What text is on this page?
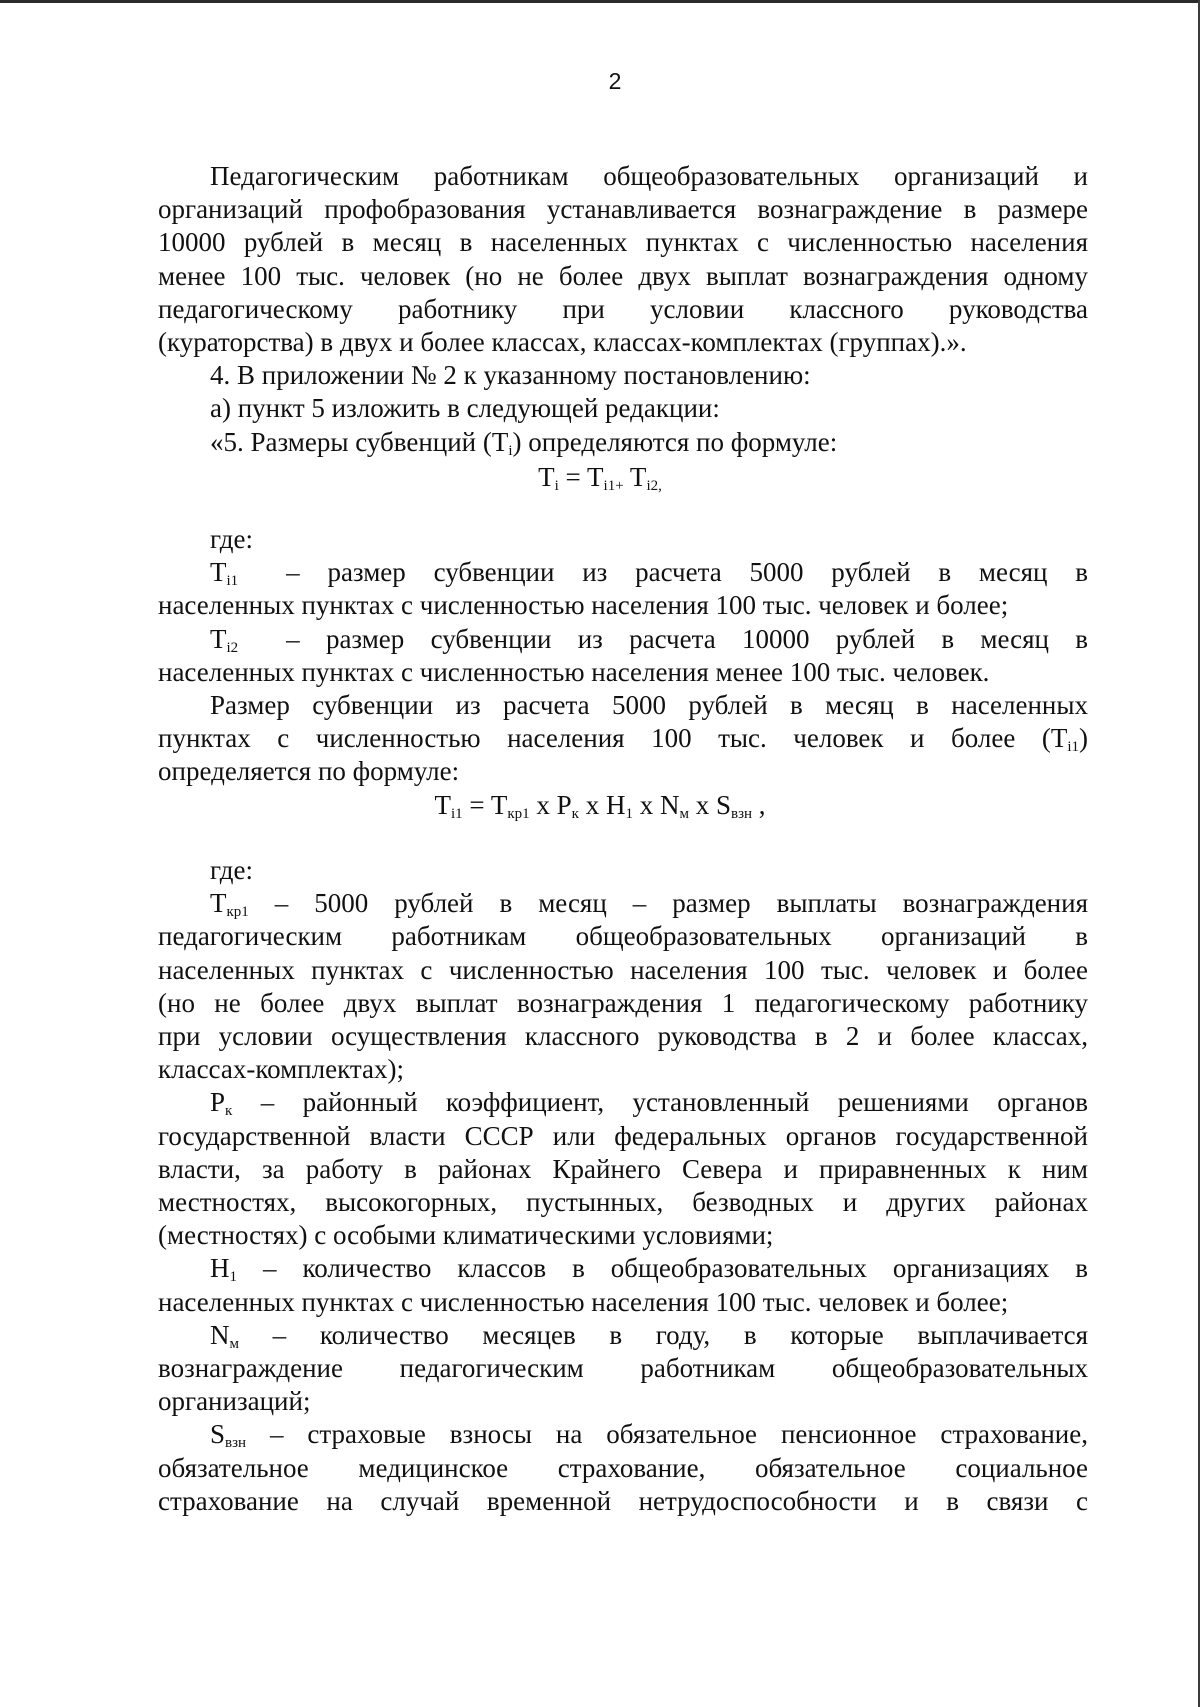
2
Педагогическим работникам общеобразовательных организаций и
организаций профобразования устанавливается вознаграждение в размере
10000 рублей в месяц в населенных пунктах с численностью населения
менее 100 тыс. человек (но не более двух выплат вознаграждения одному
педагогическому работнику при условии классного руководства
(кураторства) в двух и более классах, классах-комплектах (группах).».
4. В приложении № 2 к указанному постановлению:
а) пункт 5 изложить в следующей редакции:
«5. Размеры субвенций $(T_i)$ определяются по формуле:
$T_i = T_{i1+}$ $T_{i2,}$
где:
$T_{i1}$ – размер субвенции из расчета 5000 рублей в месяц в
населенных пунктах с численностью населения 100 тыс. человек и более;
$T_{i2}$ – размер субвенции из расчета 10000 рублей в месяц в
населенных пунктах с численностью населения менее 100 тыс. человек.
Размер субвенции из расчета 5000 рублей в месяц в населенных
пунктах с численностью населения 100 тыс. человек и более $(T_{i1})$
определяется по формуле:
$T_{i1} = T_{кр1}$ x $P_к$ x $H_1$ x $N_м$ x $S_{взн}$ ,
где:
$T_{кр1} - 5000$ рублей в месяц – размер выплаты вознаграждения
педагогическим работникам общеобразовательных организаций в
населенных пунктах с численностью населения 100 тыс. человек и более
(но не более двух выплат вознаграждения 1 педагогическому работнику
при условии осуществления классного руководства в 2 и более классах,
классах-комплектах);
$P_к$ – районный коэффициент, установленный решениями органов
государственной власти СССР или федеральных органов государственной
власти, за работу в районах Крайнего Севера и приравненных к ним
местностях, высокогорных, пустынных, безводных и других районах
(местностях) с особыми климатическими условиями;
$H_1$ – количество классов в общеобразовательных организациях в
населенных пунктах с численностью населения 100 тыс. человек и более;
$N_м$ – количество месяцев в году, в которые выплачивается
вознаграждение педагогическим работникам общеобразовательных
организаций;
$S_{взн}$ – страховые взносы на обязательное пенсионное страхование,
обязательное медицинское страхование, обязательное социальное
страхование на случай временной нетрудоспособности и в связи с
